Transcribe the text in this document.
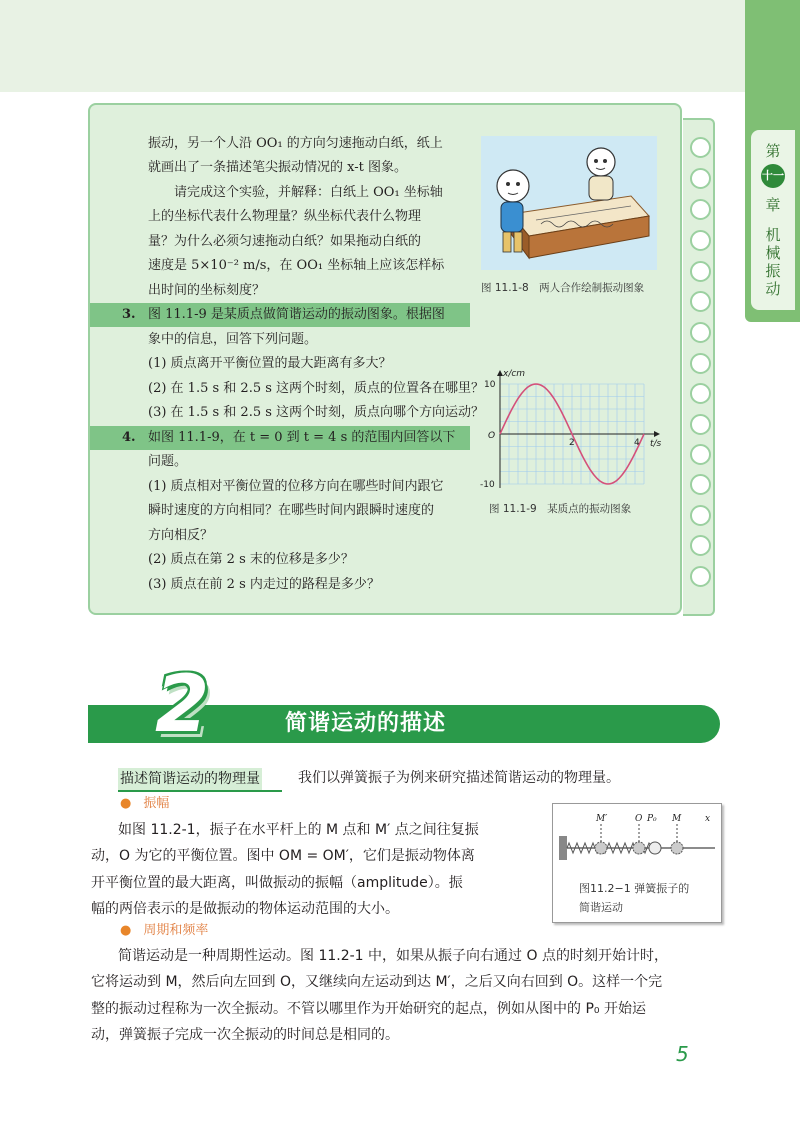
第
十一
章
机械振动
振动，另一个人沿 OO₁ 的方向匀速拖动白纸，纸上
就画出了一条描述笔尖振动情况的 x-t 图象。
　　请完成这个实验，并解释：白纸上 OO₁ 坐标轴
上的坐标代表什么物理量？纵坐标代表什么物理
量？为什么必须匀速拖动白纸？如果拖动白纸的
速度是 5×10⁻² m/s，在 OO₁ 坐标轴上应该怎样标
出时间的坐标刻度？
3. 图 11.1-9 是某质点做简谐运动的振动图象。根据图
象中的信息，回答下列问题。
(1) 质点离开平衡位置的最大距离有多大？
(2) 在 1.5 s 和 2.5 s 这两个时刻，质点的位置各在哪里？
(3) 在 1.5 s 和 2.5 s 这两个时刻，质点向哪个方向运动？
4. 如图 11.1-9，在 t = 0 到 t = 4 s 的范围内回答以下
问题。
(1) 质点相对平衡位置的位移方向在哪些时间内跟它
瞬时速度的方向相同？在哪些时间内跟瞬时速度的
方向相反？
(2) 质点在第 2 s 末的位移是多少？
(3) 质点在前 2 s 内走过的路程是多少？
图 11.1-8　两人合作绘制振动图象
x/cm
t/s
10
O
-10
2	4
图 11.1-9　某质点的振动图象
2	简谐运动的描述
描述简谐运动的物理量	我们以弹簧振子为例来研究描述简谐运动的物理量。
● 振幅
如图 11.2-1，振子在水平杆上的 M 点和 M′ 点之间往复振
动，O 为它的平衡位置。图中 OM = OM′，它们是振动物体离
开平衡位置的最大距离，叫做振动的振幅（amplitude）。振
幅的两倍表示的是做振动的物体运动范围的大小。
M′	O P₀ M	x
图11.2−1 弹簧振子的
简谐运动
● 周期和频率
简谐运动是一种周期性运动。图 11.2-1 中，如果从振子向右通过 O 点的时刻开始计时，
它将运动到 M，然后向左回到 O，又继续向左运动到达 M′，之后又向右回到 O。这样一个完
整的振动过程称为一次全振动。不管以哪里作为开始研究的起点，例如从图中的 P₀ 开始运
动，弹簧振子完成一次全振动的时间总是相同的。
5
